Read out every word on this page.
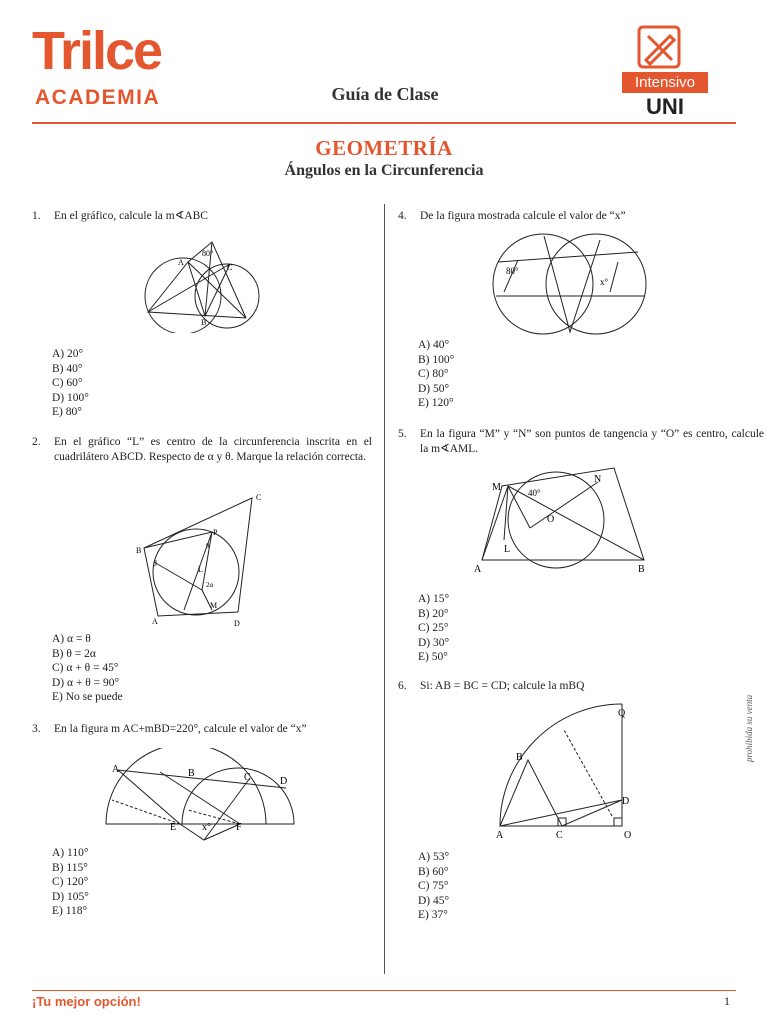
Trilce
ACADEMIA	Guía de Clase
Intensivo
UNI
GEOMETRÍA
Ángulos en la Circunferencia
1. En el gráfico, calcule la m∢ABC
80°
A
C
B
A) 20°
B) 40°
C) 60°
D) 100°
E) 80°
2. En el gráfico “L” es centro de la circunferencia inscrita en el cuadrilátero ABCD. Respecto de α y θ. Marque la relación correcta.
C
P
θ
B
J
L
2α
M
A	D
A) α = θ
B) θ = 2α
C) α + θ = 45°
D) α + θ = 90°
E) No se puede
3. En la figura m AC+mBD=220°, calcule el valor de “x”
A	B	C	D
E	x°	F
A) 110°
B) 115°
C) 120°
D) 105°
E) 118°
4. De la figura mostrada calcule el valor de “x”
80°
x°
A) 40°
B) 100°
C) 80°
D) 50°
E) 120°
5. En la figura “M” y “N” son puntos de tangencia y “O” es centro, calcule la m∢AML.
M
N
40°
O
L
A	B
A) 15°
B) 20°
C) 25°
D) 30°
E) 50°
6. Si: AB = BC = CD; calcule la mBQ
Q
B
D
A	C	O
A) 53°
B) 60°
C) 75°
D) 45°
E) 37°
prohibida su venta
¡Tu mejor opción!	1
